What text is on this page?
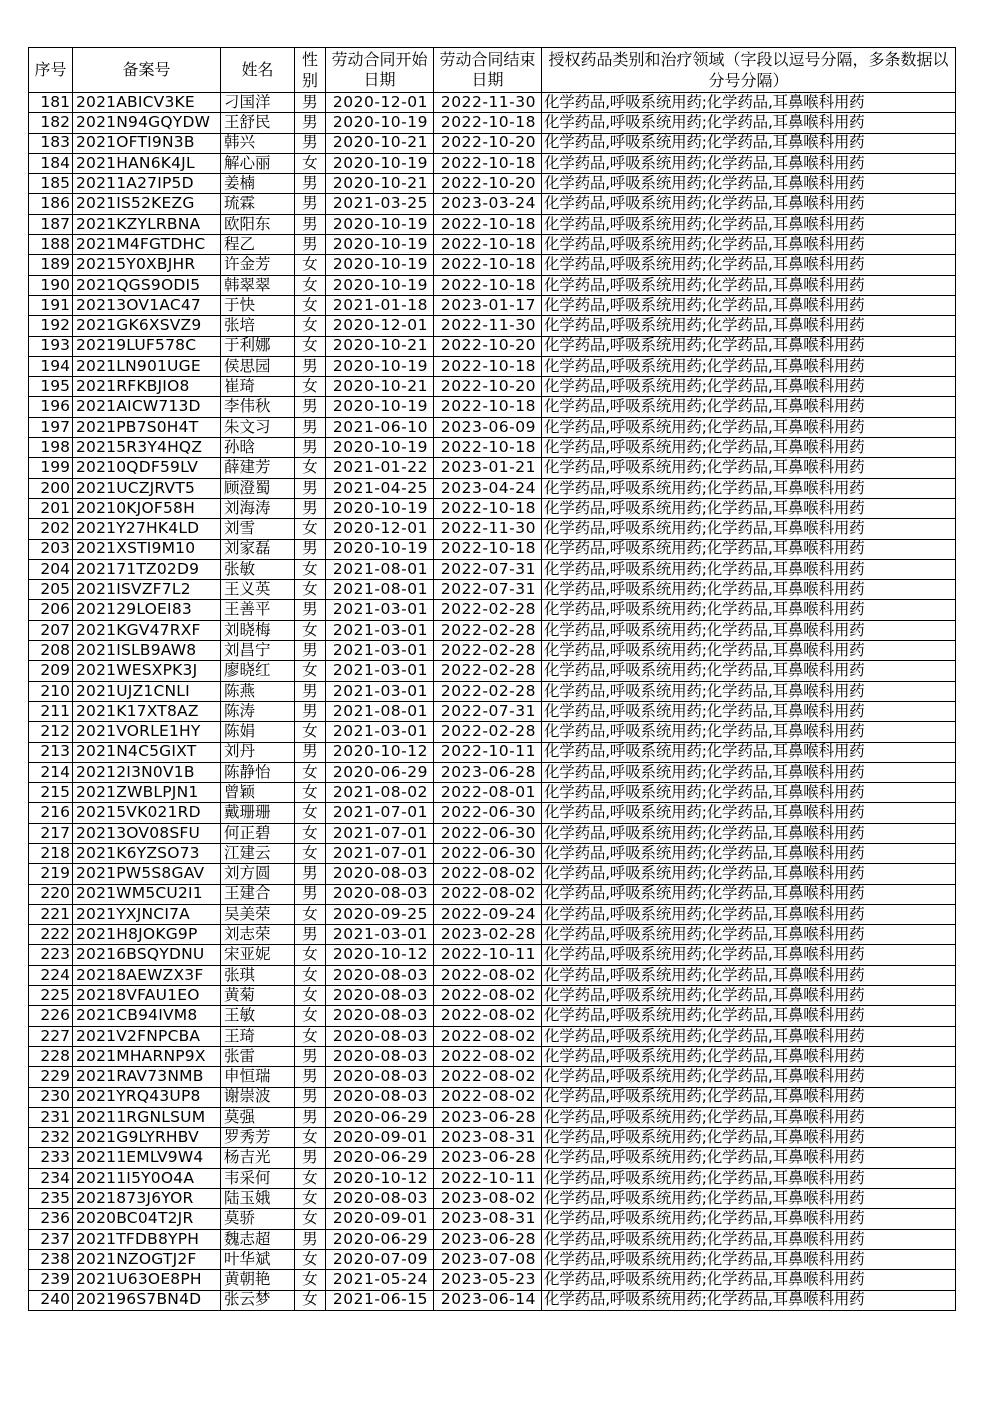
序号	备案号	姓名	性别	劳动合同开始日期	劳动合同结束日期	授权药品类别和治疗领域（字段以逗号分隔，多条数据以分号分隔）
181	2021ABICV3KE	刁国洋	男	2020-12-01	2022-11-30	化学药品,呼吸系统用药;化学药品,耳鼻喉科用药
182	2021N94GQYDW	王舒民	男	2020-10-19	2022-10-18	化学药品,呼吸系统用药;化学药品,耳鼻喉科用药
183	2021OFTI9N3B	韩兴	男	2020-10-21	2022-10-20	化学药品,呼吸系统用药;化学药品,耳鼻喉科用药
184	2021HAN6K4JL	解心丽	女	2020-10-19	2022-10-18	化学药品,呼吸系统用药;化学药品,耳鼻喉科用药
185	20211A27IP5D	姜楠	男	2020-10-21	2022-10-20	化学药品,呼吸系统用药;化学药品,耳鼻喉科用药
186	2021IS52KEZG	琉霖	男	2021-03-25	2023-03-24	化学药品,呼吸系统用药;化学药品,耳鼻喉科用药
187	2021KZYLRBNA	欧阳东	男	2020-10-19	2022-10-18	化学药品,呼吸系统用药;化学药品,耳鼻喉科用药
188	2021M4FGTDHC	程乙	男	2020-10-19	2022-10-18	化学药品,呼吸系统用药;化学药品,耳鼻喉科用药
189	20215Y0XBJHR	许金芳	女	2020-10-19	2022-10-18	化学药品,呼吸系统用药;化学药品,耳鼻喉科用药
190	2021QGS9ODI5	韩翠翠	女	2020-10-19	2022-10-18	化学药品,呼吸系统用药;化学药品,耳鼻喉科用药
191	20213OV1AC47	于快	女	2021-01-18	2023-01-17	化学药品,呼吸系统用药;化学药品,耳鼻喉科用药
192	2021GK6XSVZ9	张培	女	2020-12-01	2022-11-30	化学药品,呼吸系统用药;化学药品,耳鼻喉科用药
193	20219LUF578C	于利娜	女	2020-10-21	2022-10-20	化学药品,呼吸系统用药;化学药品,耳鼻喉科用药
194	2021LN901UGE	侯思园	男	2020-10-19	2022-10-18	化学药品,呼吸系统用药;化学药品,耳鼻喉科用药
195	2021RFKBJIO8	崔琦	女	2020-10-21	2022-10-20	化学药品,呼吸系统用药;化学药品,耳鼻喉科用药
196	2021AICW713D	李伟秋	男	2020-10-19	2022-10-18	化学药品,呼吸系统用药;化学药品,耳鼻喉科用药
197	2021PB7S0H4T	朱文习	男	2021-06-10	2023-06-09	化学药品,呼吸系统用药;化学药品,耳鼻喉科用药
198	20215R3Y4HQZ	孙晗	男	2020-10-19	2022-10-18	化学药品,呼吸系统用药;化学药品,耳鼻喉科用药
199	20210QDF59LV	薛建芳	女	2021-01-22	2023-01-21	化学药品,呼吸系统用药;化学药品,耳鼻喉科用药
200	2021UCZJRVT5	顾澄蜀	男	2021-04-25	2023-04-24	化学药品,呼吸系统用药;化学药品,耳鼻喉科用药
201	20210KJOF58H	刘海涛	男	2020-10-19	2022-10-18	化学药品,呼吸系统用药;化学药品,耳鼻喉科用药
202	2021Y27HK4LD	刘雪	女	2020-12-01	2022-11-30	化学药品,呼吸系统用药;化学药品,耳鼻喉科用药
203	2021XSTI9M10	刘家磊	男	2020-10-19	2022-10-18	化学药品,呼吸系统用药;化学药品,耳鼻喉科用药
204	202171TZ02D9	张敏	女	2021-08-01	2022-07-31	化学药品,呼吸系统用药;化学药品,耳鼻喉科用药
205	2021ISVZF7L2	王义英	女	2021-08-01	2022-07-31	化学药品,呼吸系统用药;化学药品,耳鼻喉科用药
206	202129LOEI83	王善平	男	2021-03-01	2022-02-28	化学药品,呼吸系统用药;化学药品,耳鼻喉科用药
207	2021KGV47RXF	刘晓梅	女	2021-03-01	2022-02-28	化学药品,呼吸系统用药;化学药品,耳鼻喉科用药
208	2021ISLB9AW8	刘昌宁	男	2021-03-01	2022-02-28	化学药品,呼吸系统用药;化学药品,耳鼻喉科用药
209	2021WESXPK3J	廖晓红	女	2021-03-01	2022-02-28	化学药品,呼吸系统用药;化学药品,耳鼻喉科用药
210	2021UJZ1CNLI	陈燕	男	2021-03-01	2022-02-28	化学药品,呼吸系统用药;化学药品,耳鼻喉科用药
211	2021K17XT8AZ	陈涛	男	2021-08-01	2022-07-31	化学药品,呼吸系统用药;化学药品,耳鼻喉科用药
212	2021VORLE1HY	陈娟	女	2021-03-01	2022-02-28	化学药品,呼吸系统用药;化学药品,耳鼻喉科用药
213	2021N4C5GIXT	刘丹	男	2020-10-12	2022-10-11	化学药品,呼吸系统用药;化学药品,耳鼻喉科用药
214	20212I3N0V1B	陈静怡	女	2020-06-29	2023-06-28	化学药品,呼吸系统用药;化学药品,耳鼻喉科用药
215	2021ZWBLPJN1	曾颖	女	2021-08-02	2022-08-01	化学药品,呼吸系统用药;化学药品,耳鼻喉科用药
216	20215VK021RD	戴珊珊	女	2021-07-01	2022-06-30	化学药品,呼吸系统用药;化学药品,耳鼻喉科用药
217	20213OV08SFU	何正碧	女	2021-07-01	2022-06-30	化学药品,呼吸系统用药;化学药品,耳鼻喉科用药
218	2021K6YZSO73	江建云	女	2021-07-01	2022-06-30	化学药品,呼吸系统用药;化学药品,耳鼻喉科用药
219	2021PW5S8GAV	刘方圆	男	2020-08-03	2022-08-02	化学药品,呼吸系统用药;化学药品,耳鼻喉科用药
220	2021WM5CU2I1	王建合	男	2020-08-03	2022-08-02	化学药品,呼吸系统用药;化学药品,耳鼻喉科用药
221	2021YXJNCI7A	吴美荣	女	2020-09-25	2022-09-24	化学药品,呼吸系统用药;化学药品,耳鼻喉科用药
222	2021H8JOKG9P	刘志荣	男	2021-03-01	2023-02-28	化学药品,呼吸系统用药;化学药品,耳鼻喉科用药
223	20216BSQYDNU	宋亚妮	女	2020-10-12	2022-10-11	化学药品,呼吸系统用药;化学药品,耳鼻喉科用药
224	20218AEWZX3F	张琪	女	2020-08-03	2022-08-02	化学药品,呼吸系统用药;化学药品,耳鼻喉科用药
225	20218VFAU1EO	黄菊	女	2020-08-03	2022-08-02	化学药品,呼吸系统用药;化学药品,耳鼻喉科用药
226	2021CB94IVM8	王敏	女	2020-08-03	2022-08-02	化学药品,呼吸系统用药;化学药品,耳鼻喉科用药
227	2021V2FNPCBA	王琦	女	2020-08-03	2022-08-02	化学药品,呼吸系统用药;化学药品,耳鼻喉科用药
228	2021MHARNP9X	张雷	男	2020-08-03	2022-08-02	化学药品,呼吸系统用药;化学药品,耳鼻喉科用药
229	2021RAV73NMB	申恒瑞	男	2020-08-03	2022-08-02	化学药品,呼吸系统用药;化学药品,耳鼻喉科用药
230	2021YRQ43UP8	谢崇波	男	2020-08-03	2022-08-02	化学药品,呼吸系统用药;化学药品,耳鼻喉科用药
231	20211RGNLSUM	莫强	男	2020-06-29	2023-06-28	化学药品,呼吸系统用药;化学药品,耳鼻喉科用药
232	2021G9LYRHBV	罗秀芳	女	2020-09-01	2023-08-31	化学药品,呼吸系统用药;化学药品,耳鼻喉科用药
233	20211EMLV9W4	杨吉光	男	2020-06-29	2023-06-28	化学药品,呼吸系统用药;化学药品,耳鼻喉科用药
234	20211I5Y0O4A	韦采何	女	2020-10-12	2022-10-11	化学药品,呼吸系统用药;化学药品,耳鼻喉科用药
235	2021873J6YOR	陆玉娥	女	2020-08-03	2023-08-02	化学药品,呼吸系统用药;化学药品,耳鼻喉科用药
236	2020BC04T2JR	莫骄	女	2020-09-01	2023-08-31	化学药品,呼吸系统用药;化学药品,耳鼻喉科用药
237	2021TFDB8YPH	魏志超	男	2020-06-29	2023-06-28	化学药品,呼吸系统用药;化学药品,耳鼻喉科用药
238	2021NZOGTJ2F	叶华斌	女	2020-07-09	2023-07-08	化学药品,呼吸系统用药;化学药品,耳鼻喉科用药
239	2021U63OE8PH	黄朝艳	女	2021-05-24	2023-05-23	化学药品,呼吸系统用药;化学药品,耳鼻喉科用药
240	202196S7BN4D	张云梦	女	2021-06-15	2023-06-14	化学药品,呼吸系统用药;化学药品,耳鼻喉科用药
